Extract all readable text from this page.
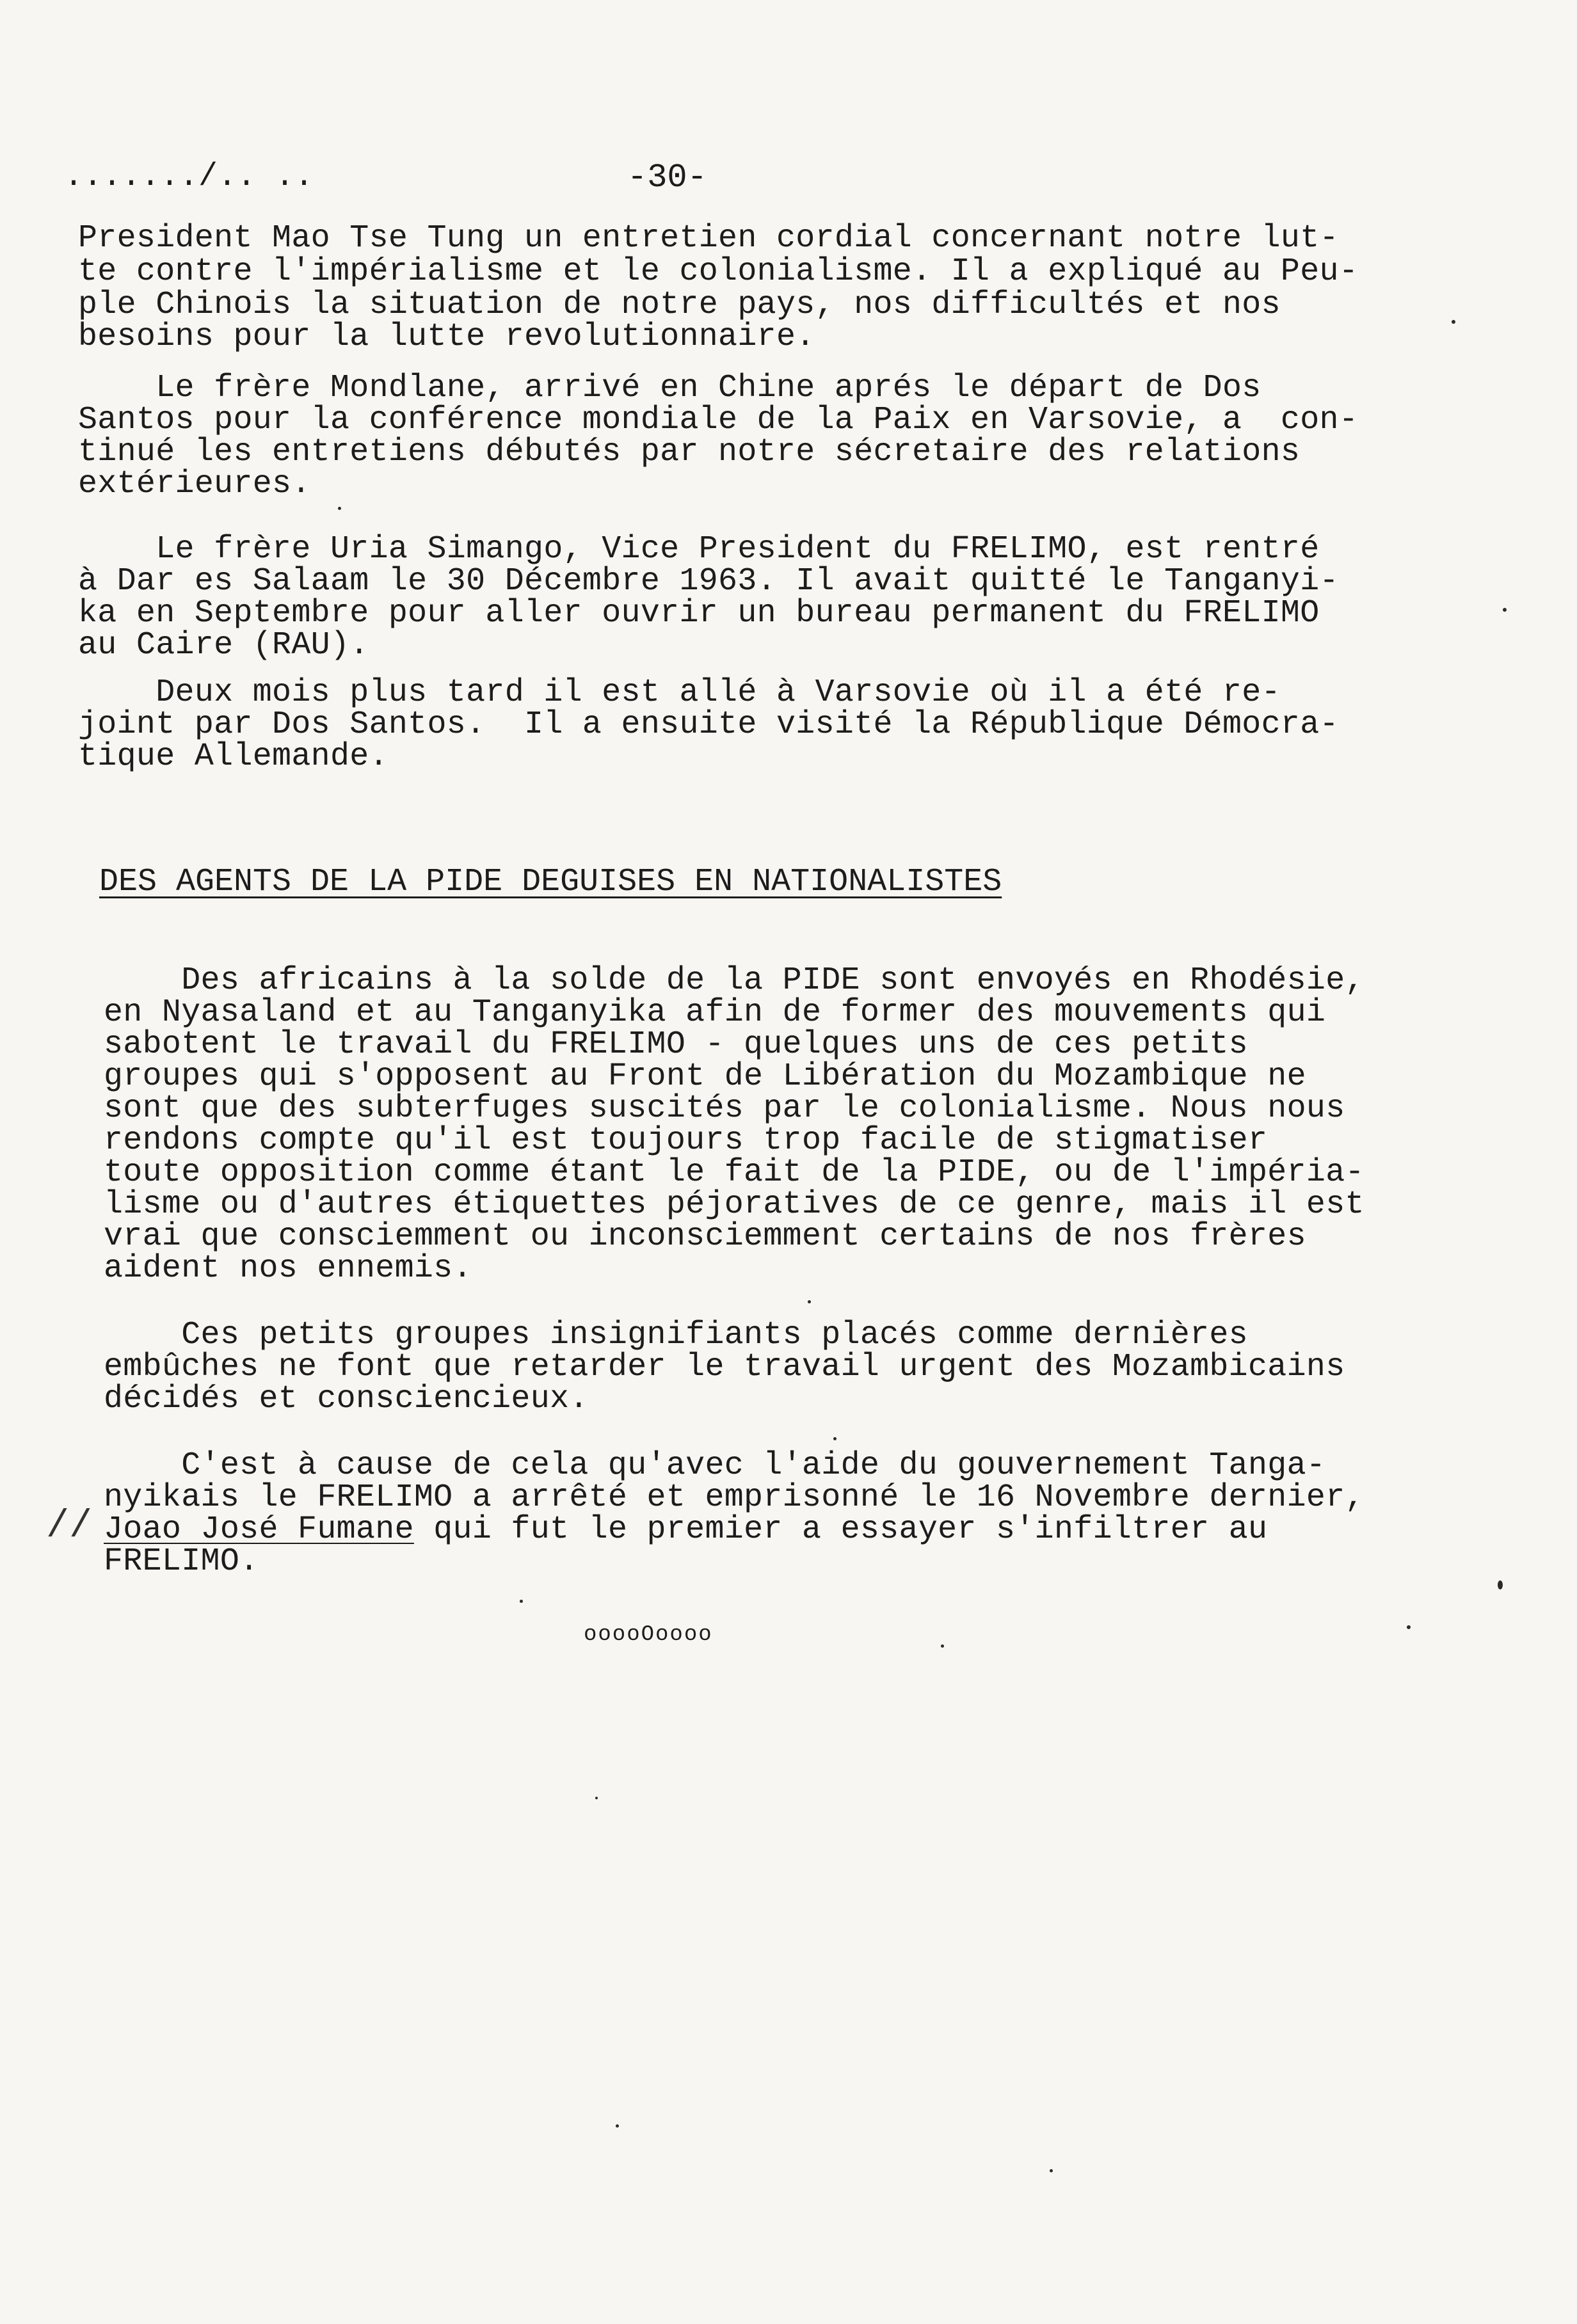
......./.. ..	-30-
President Mao Tse Tung un entretien cordial concernant notre lut-
te contre l'impérialisme et le colonialisme. Il a expliqué au Peu-
ple Chinois la situation de notre pays, nos difficultés et nos
besoins pour la lutte revolutionnaire.
Le frère Mondlane, arrivé en Chine aprés le départ de Dos
Santos pour la conférence mondiale de la Paix en Varsovie, a  con-
tinué les entretiens débutés par notre sécretaire des relations
extérieures.
Le frère Uria Simango, Vice President du FRELIMO, est rentré
à Dar es Salaam le 30 Décembre 1963. Il avait quitté le Tanganyi-
ka en Septembre pour aller ouvrir un bureau permanent du FRELIMO
au Caire (RAU).
Deux mois plus tard il est allé à Varsovie où il a été re-
joint par Dos Santos.  Il a ensuite visité la République Démocra-
tique Allemande.
DES AGENTS DE LA PIDE DEGUISES EN NATIONALISTES
Des africains à la solde de la PIDE sont envoyés en Rhodésie,
en Nyasaland et au Tanganyika afin de former des mouvements qui
sabotent le travail du FRELIMO - quelques uns de ces petits
groupes qui s'opposent au Front de Libération du Mozambique ne
sont que des subterfuges suscités par le colonialisme. Nous nous
rendons compte qu'il est toujours trop facile de stigmatiser
toute opposition comme étant le fait de la PIDE, ou de l'impéria-
lisme ou d'autres étiquettes péjoratives de ce genre, mais il est
vrai que consciemment ou inconsciemment certains de nos frères
aident nos ennemis.
Ces petits groupes insignifiants placés comme dernières
embûches ne font que retarder le travail urgent des Mozambicains
décidés et consciencieux.
C'est à cause de cela qu'avec l'aide du gouvernement Tanga-
nyikais le FRELIMO a arrêté et emprisonné le 16 Novembre dernier,
Joao José Fumane qui fut le premier a essayer s'infiltrer au
FRELIMO.
//
ooooOoooo
